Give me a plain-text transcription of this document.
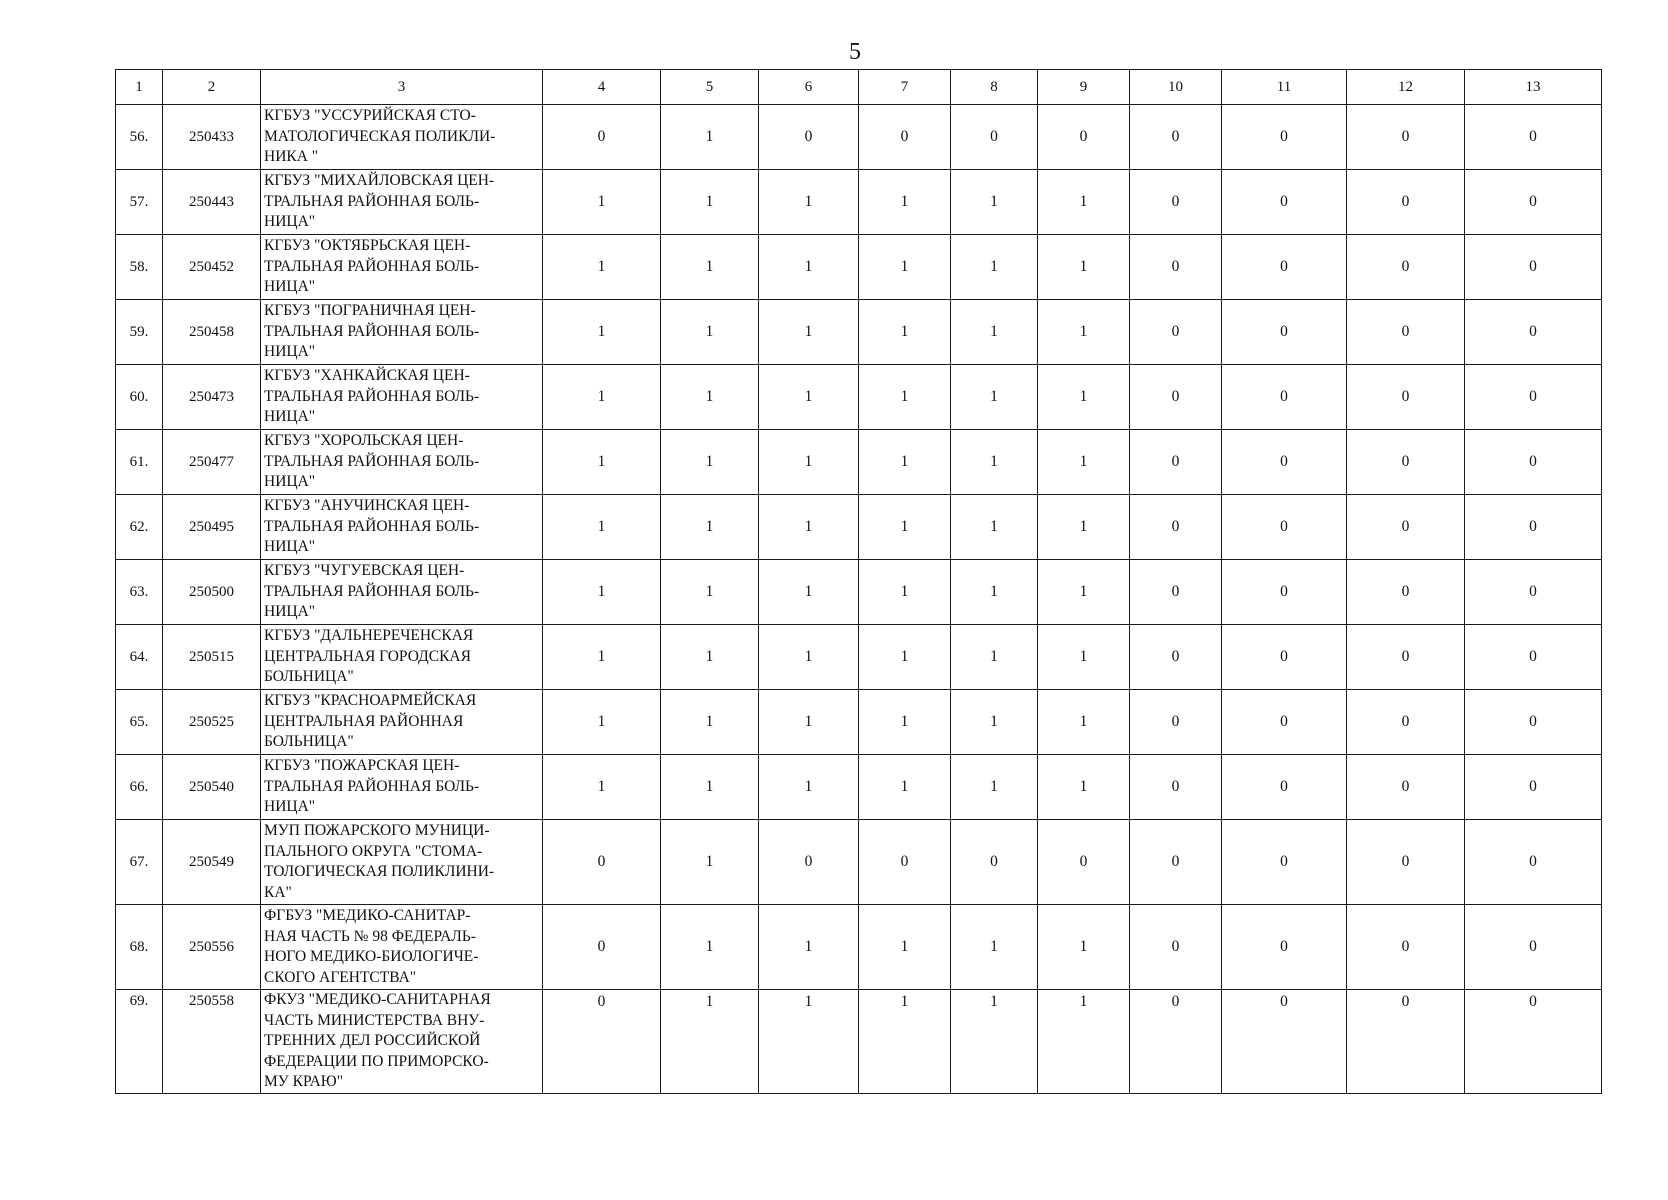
5
1	2	3	4	5	6	7	8	9	10	11	12	13
56.	250433	КГБУЗ "УССУРИЙСКАЯ СТО-
МАТОЛОГИЧЕСКАЯ ПОЛИКЛИ-
НИКА "	0	1	0	0	0	0	0	0	0	0
57.	250443	КГБУЗ "МИХАЙЛОВСКАЯ ЦЕН-
ТРАЛЬНАЯ РАЙОННАЯ БОЛЬ-
НИЦА"	1	1	1	1	1	1	0	0	0	0
58.	250452	КГБУЗ "ОКТЯБРЬСКАЯ ЦЕН-
ТРАЛЬНАЯ РАЙОННАЯ БОЛЬ-
НИЦА"	1	1	1	1	1	1	0	0	0	0
59.	250458	КГБУЗ "ПОГРАНИЧНАЯ ЦЕН-
ТРАЛЬНАЯ РАЙОННАЯ БОЛЬ-
НИЦА"	1	1	1	1	1	1	0	0	0	0
60.	250473	КГБУЗ "ХАНКАЙСКАЯ ЦЕН-
ТРАЛЬНАЯ РАЙОННАЯ БОЛЬ-
НИЦА"	1	1	1	1	1	1	0	0	0	0
61.	250477	КГБУЗ "ХОРОЛЬСКАЯ ЦЕН-
ТРАЛЬНАЯ РАЙОННАЯ БОЛЬ-
НИЦА"	1	1	1	1	1	1	0	0	0	0
62.	250495	КГБУЗ "АНУЧИНСКАЯ ЦЕН-
ТРАЛЬНАЯ РАЙОННАЯ БОЛЬ-
НИЦА"	1	1	1	1	1	1	0	0	0	0
63.	250500	КГБУЗ "ЧУГУЕВСКАЯ ЦЕН-
ТРАЛЬНАЯ РАЙОННАЯ БОЛЬ-
НИЦА"	1	1	1	1	1	1	0	0	0	0
64.	250515	КГБУЗ "ДАЛЬНЕРЕЧЕНСКАЯ
ЦЕНТРАЛЬНАЯ ГОРОДСКАЯ
БОЛЬНИЦА"	1	1	1	1	1	1	0	0	0	0
65.	250525	КГБУЗ "КРАСНОАРМЕЙСКАЯ
ЦЕНТРАЛЬНАЯ РАЙОННАЯ
БОЛЬНИЦА"	1	1	1	1	1	1	0	0	0	0
66.	250540	КГБУЗ "ПОЖАРСКАЯ ЦЕН-
ТРАЛЬНАЯ РАЙОННАЯ БОЛЬ-
НИЦА"	1	1	1	1	1	1	0	0	0	0
67.	250549	МУП ПОЖАРСКОГО МУНИЦИ-
ПАЛЬНОГО ОКРУГА "СТОМА-
ТОЛОГИЧЕСКАЯ ПОЛИКЛИНИ-
КА"	0	1	0	0	0	0	0	0	0	0
68.	250556	ФГБУЗ "МЕДИКО-САНИТАР-
НАЯ ЧАСТЬ № 98 ФЕДЕРАЛЬ-
НОГО МЕДИКО-БИОЛОГИЧЕ-
СКОГО АГЕНТСТВА"	0	1	1	1	1	1	0	0	0	0
69.	250558	ФКУЗ "МЕДИКО-САНИТАРНАЯ
ЧАСТЬ МИНИСТЕРСТВА ВНУ-
ТРЕННИХ ДЕЛ РОССИЙСКОЙ
ФЕДЕРАЦИИ ПО ПРИМОРСКО-
МУ КРАЮ"	0	1	1	1	1	1	0	0	0	0
